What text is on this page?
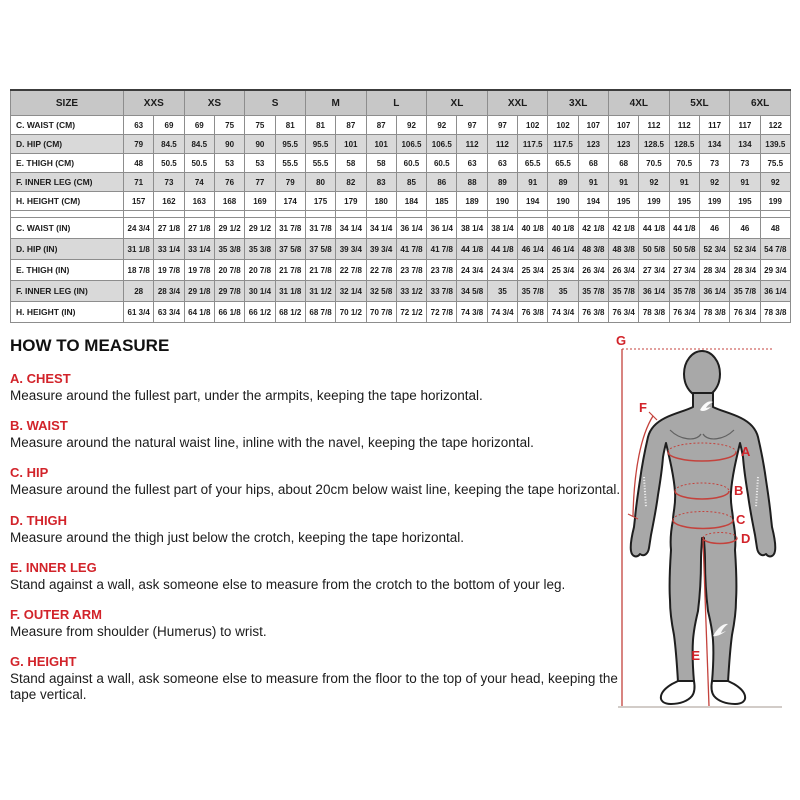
SIZE	XXS		XS		S		M		L		XL		XXL		3XL		4XL		5XL		6XL	
C. WAIST (CM)	63	69	69	75	75	81	81	87	87	92	92	97	97	102	102	107	107	112	112	117	117	122
D. HIP (CM)	79	84.5	84.5	90	90	95.5	95.5	101	101	106.5	106.5	112	112	117.5	117.5	123	123	128.5	128.5	134	134	139.5
E. THIGH (CM)	48	50.5	50.5	53	53	55.5	55.5	58	58	60.5	60.5	63	63	65.5	65.5	68	68	70.5	70.5	73	73	75.5
F. INNER LEG (CM)	71	73	74	76	77	79	80	82	83	85	86	88	89	91	89	91	91	92	91	92	91	92
H. HEIGHT (CM)	157	162	163	168	169	174	175	179	180	184	185	189	190	194	190	194	195	199	195	199	195	199

C. WAIST (IN)	24 3/4	27 1/8	27 1/8	29 1/2	29 1/2	31 7/8	31 7/8	34 1/4	34 1/4	36 1/4	36 1/4	38 1/4	38 1/4	40 1/8	40 1/8	42 1/8	42 1/8	44 1/8	44 1/8	46	46	48
D. HIP (IN)	31 1/8	33 1/4	33 1/4	35 3/8	35 3/8	37 5/8	37 5/8	39 3/4	39 3/4	41 7/8	41 7/8	44 1/8	44 1/8	46 1/4	46 1/4	48 3/8	48 3/8	50 5/8	50 5/8	52 3/4	52 3/4	54 7/8
E. THIGH (IN)	18 7/8	19 7/8	19 7/8	20 7/8	20 7/8	21 7/8	21 7/8	22 7/8	22 7/8	23 7/8	23 7/8	24 3/4	24 3/4	25 3/4	25 3/4	26 3/4	26 3/4	27 3/4	27 3/4	28 3/4	28 3/4	29 3/4
F. INNER LEG (IN)	28	28 3/4	29 1/8	29 7/8	30 1/4	31 1/8	31 1/2	32 1/4	32 5/8	33 1/2	33 7/8	34 5/8	35	35 7/8	35	35 7/8	35 7/8	36 1/4	35 7/8	36 1/4	35 7/8	36 1/4
H. HEIGHT (IN)	61 3/4	63 3/4	64 1/8	66 1/8	66 1/2	68 1/2	68 7/8	70 1/2	70 7/8	72 1/2	72 7/8	74 3/8	74 3/4	76 3/8	74 3/4	76 3/8	76 3/4	78 3/8	76 3/4	78 3/8	76 3/4	78 3/8
HOW TO MEASURE
A. CHEST

Measure around the fullest part, under the armpits, keeping the tape horizontal.

B. WAIST

Measure around the natural waist line, inline with the navel, keeping the tape horizontal.

C. HIP

Measure around the fullest part of your hips, about 20cm below waist line, keeping the tape horizontal.

D. THIGH

Measure around the thigh just below the crotch, keeping the tape horizontal.

E. INNER LEG

Stand against a wall, ask someone else to measure from the crotch to the bottom of your leg.

F. OUTER ARM

Measure from shoulder (Humerus) to wrist.

G. HEIGHT

Stand against a wall, ask someone else to measure from the floor to the top of your head, keeping the tape vertical.

G
F
A
B
C
D
E
